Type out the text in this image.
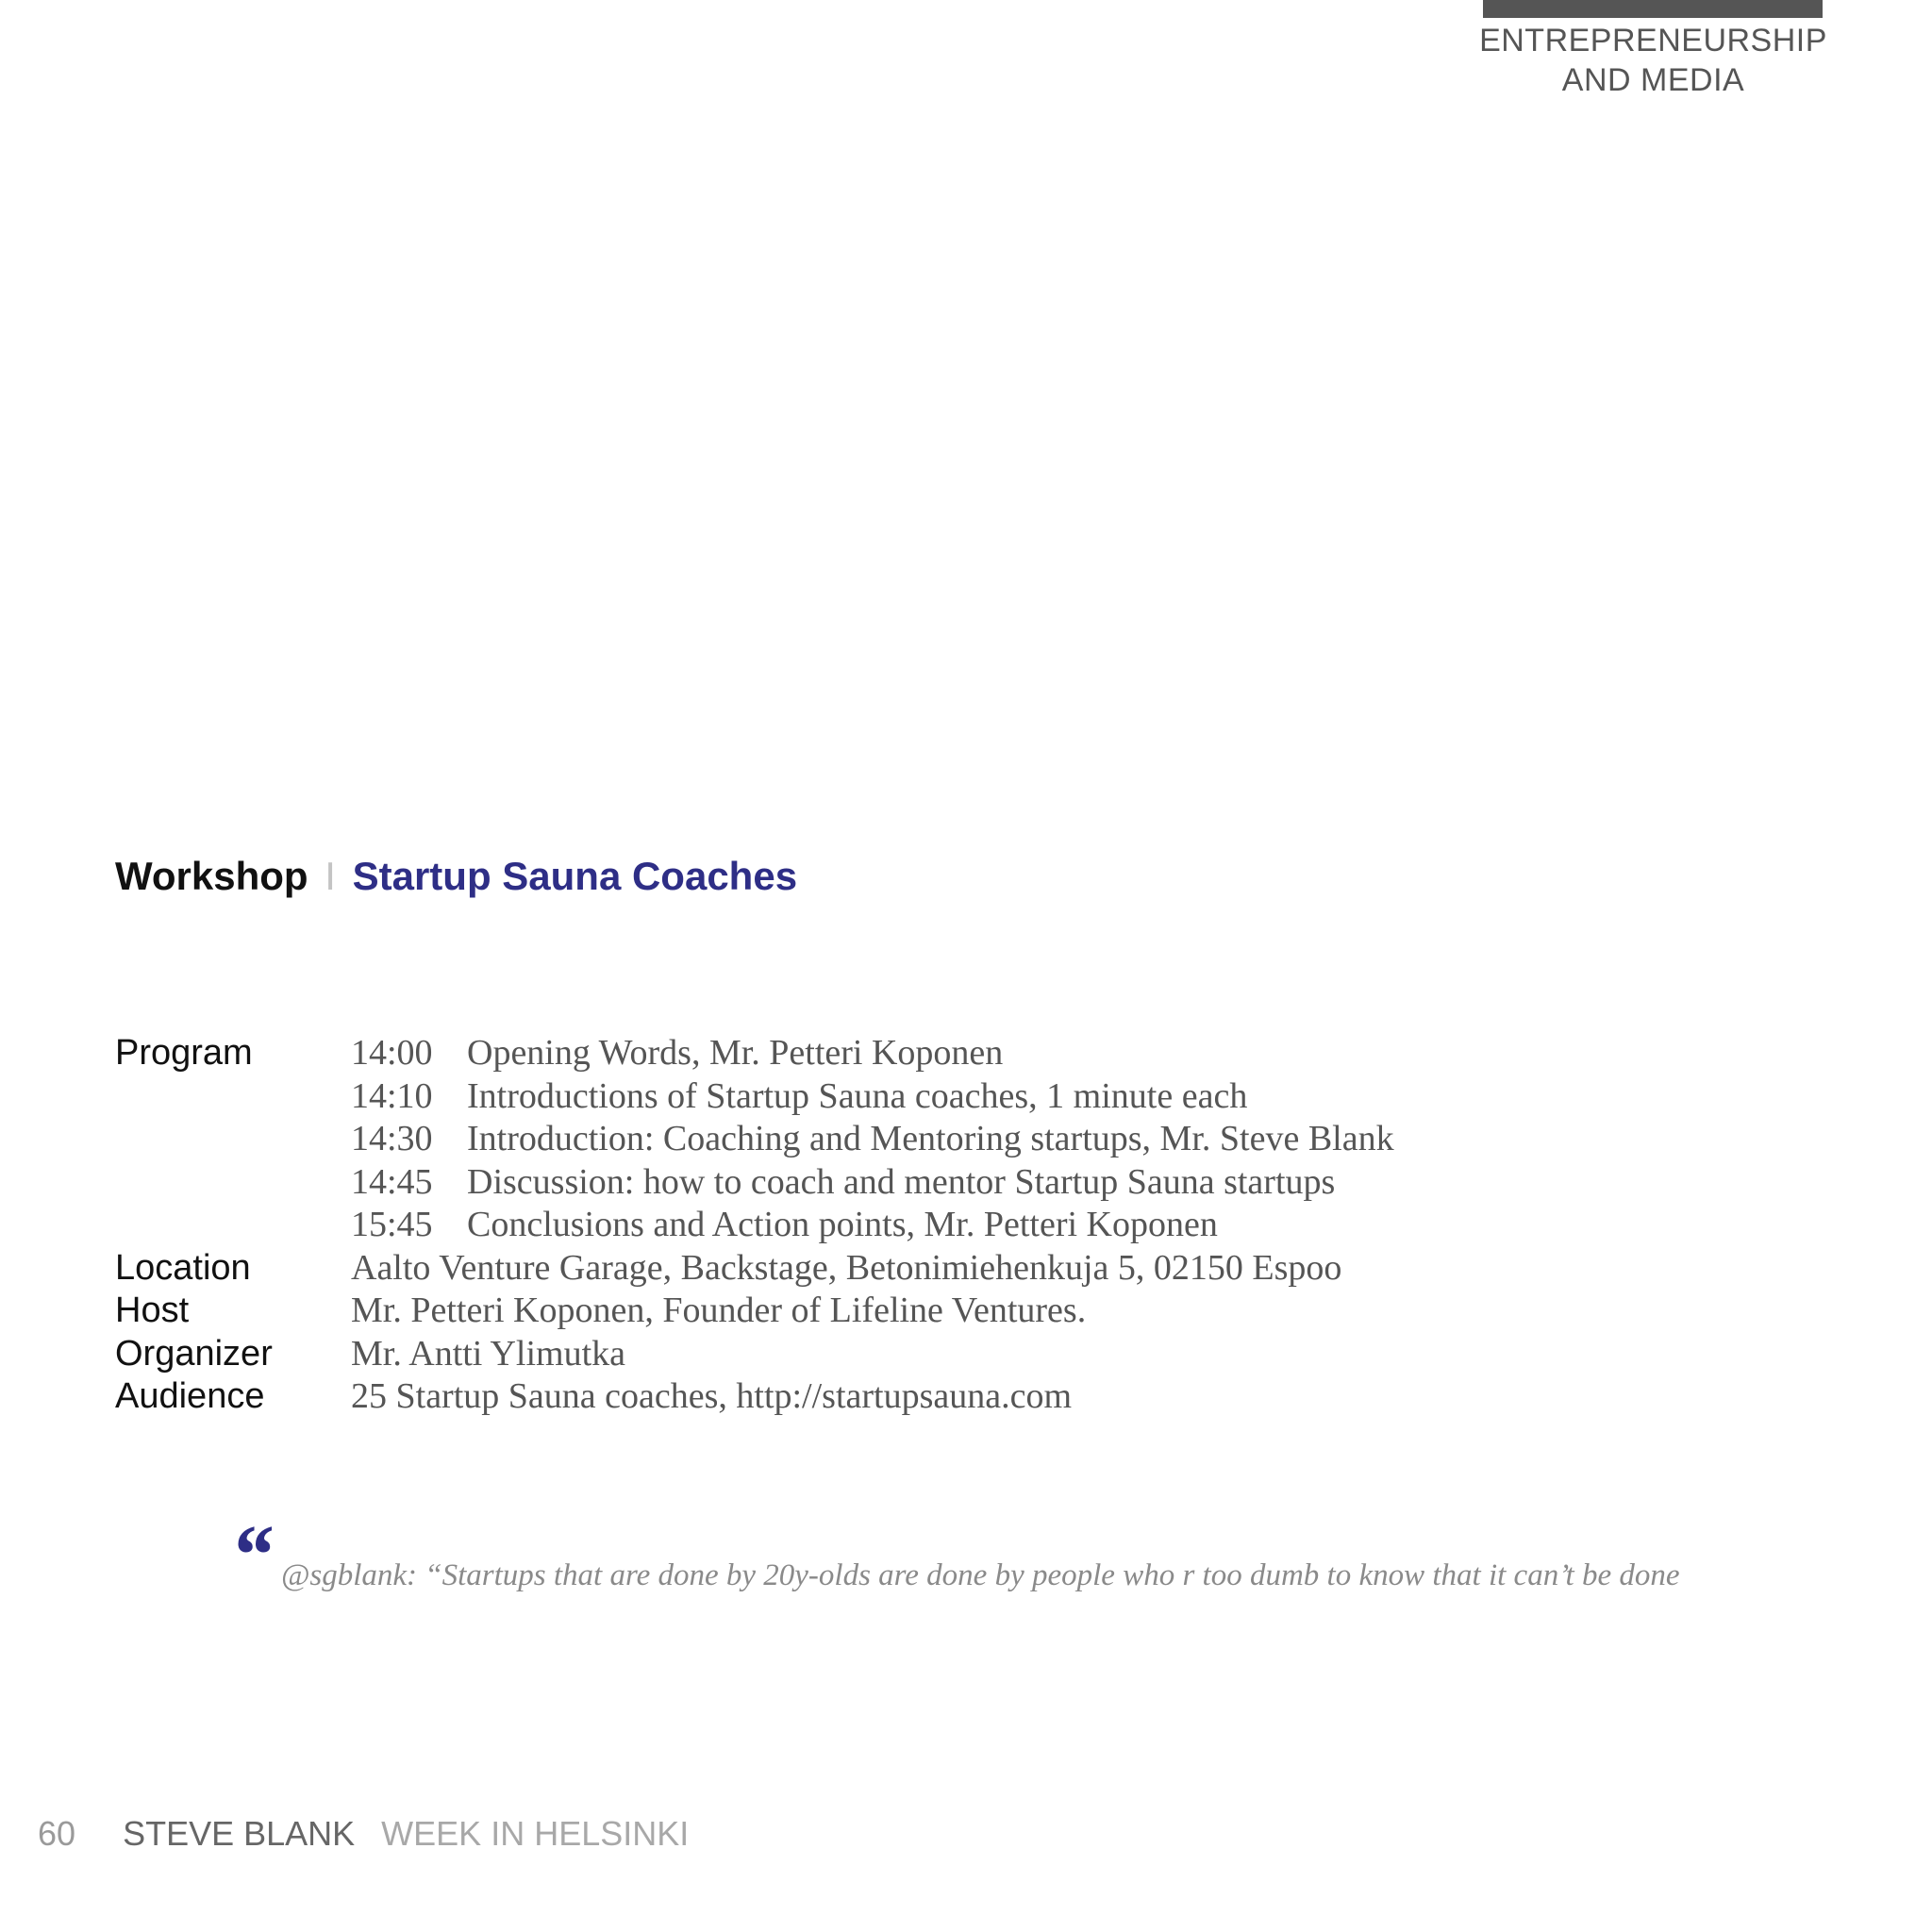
ENTREPRENEURSHIP
AND MEDIA
Workshop I Startup Sauna Coaches
Program	14:00 Opening Words, Mr. Petteri Koponen
14:10 Introductions of Startup Sauna coaches, 1 minute each
14:30 Introduction: Coaching and Mentoring startups, Mr. Steve Blank
14:45 Discussion: how to coach and mentor Startup Sauna startups
15:45 Conclusions and Action points, Mr. Petteri Koponen
Location	Aalto Venture Garage, Backstage, Betonimiehenkuja 5, 02150 Espoo
Host	Mr. Petteri Koponen, Founder of Lifeline Ventures.
Organizer Mr. Antti Ylimutka
Audience 25 Startup Sauna coaches, http://startupsauna.com
“ @sgblank: “Startups that are done by 20y-olds are done by people who r too dumb to know that it can’t be done
60 STEVE BLANK WEEK IN HELSINKI
